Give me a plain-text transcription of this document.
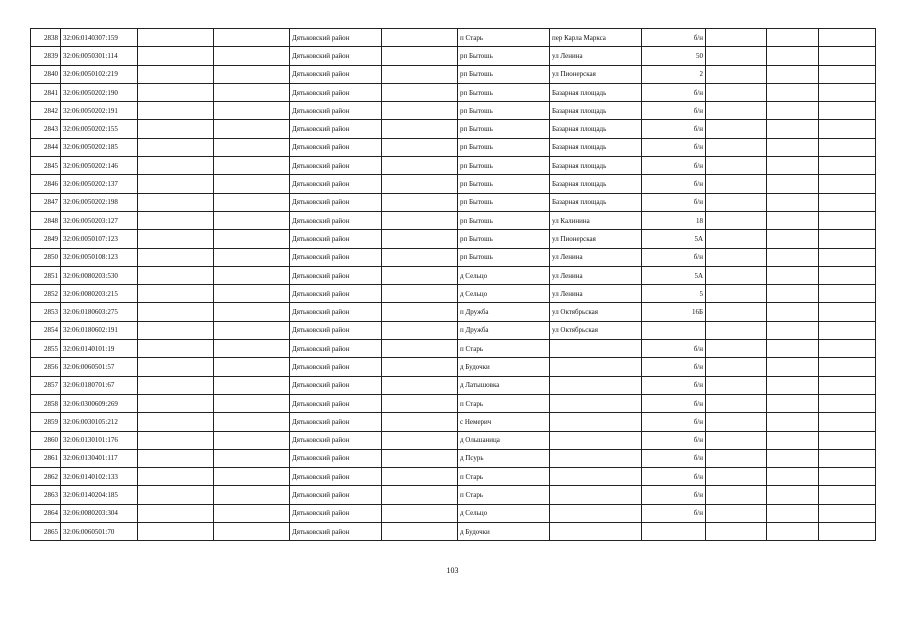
2838	32:06:0140307:159			Дятьковский район		п Старь	пер Карла Маркса	б/н			
2839	32:06:0050301:114			Дятьковский район		рп Бытошь	ул Ленина	50			
2840	32:06:0050102:219			Дятьковский район		рп Бытошь	ул Пионерская	2			
2841	32:06:0050202:190			Дятьковский район		рп Бытошь	Базарная площадь	б/н			
2842	32:06:0050202:191			Дятьковский район		рп Бытошь	Базарная площадь	б/н			
2843	32:06:0050202:155			Дятьковский район		рп Бытошь	Базарная площадь	б/н			
2844	32:06:0050202:185			Дятьковский район		рп Бытошь	Базарная площадь	б/н			
2845	32:06:0050202:146			Дятьковский район		рп Бытошь	Базарная площадь	б/н			
2846	32:06:0050202:137			Дятьковский район		рп Бытошь	Базарная площадь	б/н			
2847	32:06:0050202:198			Дятьковский район		рп Бытошь	Базарная площадь	б/н			
2848	32:06:0050203:127			Дятьковский район		рп Бытошь	ул Калинина	18			
2849	32:06:0050107:123			Дятьковский район		рп Бытошь	ул Пионерская	5А			
2850	32:06:0050108:123			Дятьковский район		рп Бытошь	ул Ленина	б/н			
2851	32:06:0080203:530			Дятьковский район		д Сельцо	ул Ленина	5А			
2852	32:06:0080203:215			Дятьковский район		д Сельцо	ул Ленина	5			
2853	32:06:0180603:275			Дятьковский район		п Дружба	ул Октябрьская	16Б			
2854	32:06:0180602:191			Дятьковский район		п Дружба	ул Октябрьская				
2855	32:06:0140101:19			Дятьковский район		п Старь		б/н			
2856	32:06:0060501:57			Дятьковский район		д Будочки		б/н			
2857	32:06:0180701:67			Дятьковский район		д Латышовка		б/н			
2858	32:06:0300609:269			Дятьковский район		п Старь		б/н			
2859	32:06:0030105:212			Дятьковский район		с Немерич		б/н			
2860	32:06:0130101:176			Дятьковский район		д Ольшаница		б/н			
2861	32:06:0130401:117			Дятьковский район		д Псурь		б/н			
2862	32:06:0140102:133			Дятьковский район		п Старь		б/н			
2863	32:06:0140204:185			Дятьковский район		п Старь		б/н			
2864	32:06:0080203:304			Дятьковский район		д Сельцо		б/н			
2865	32:06:0060501:70			Дятьковский район		д Будочки					
103
